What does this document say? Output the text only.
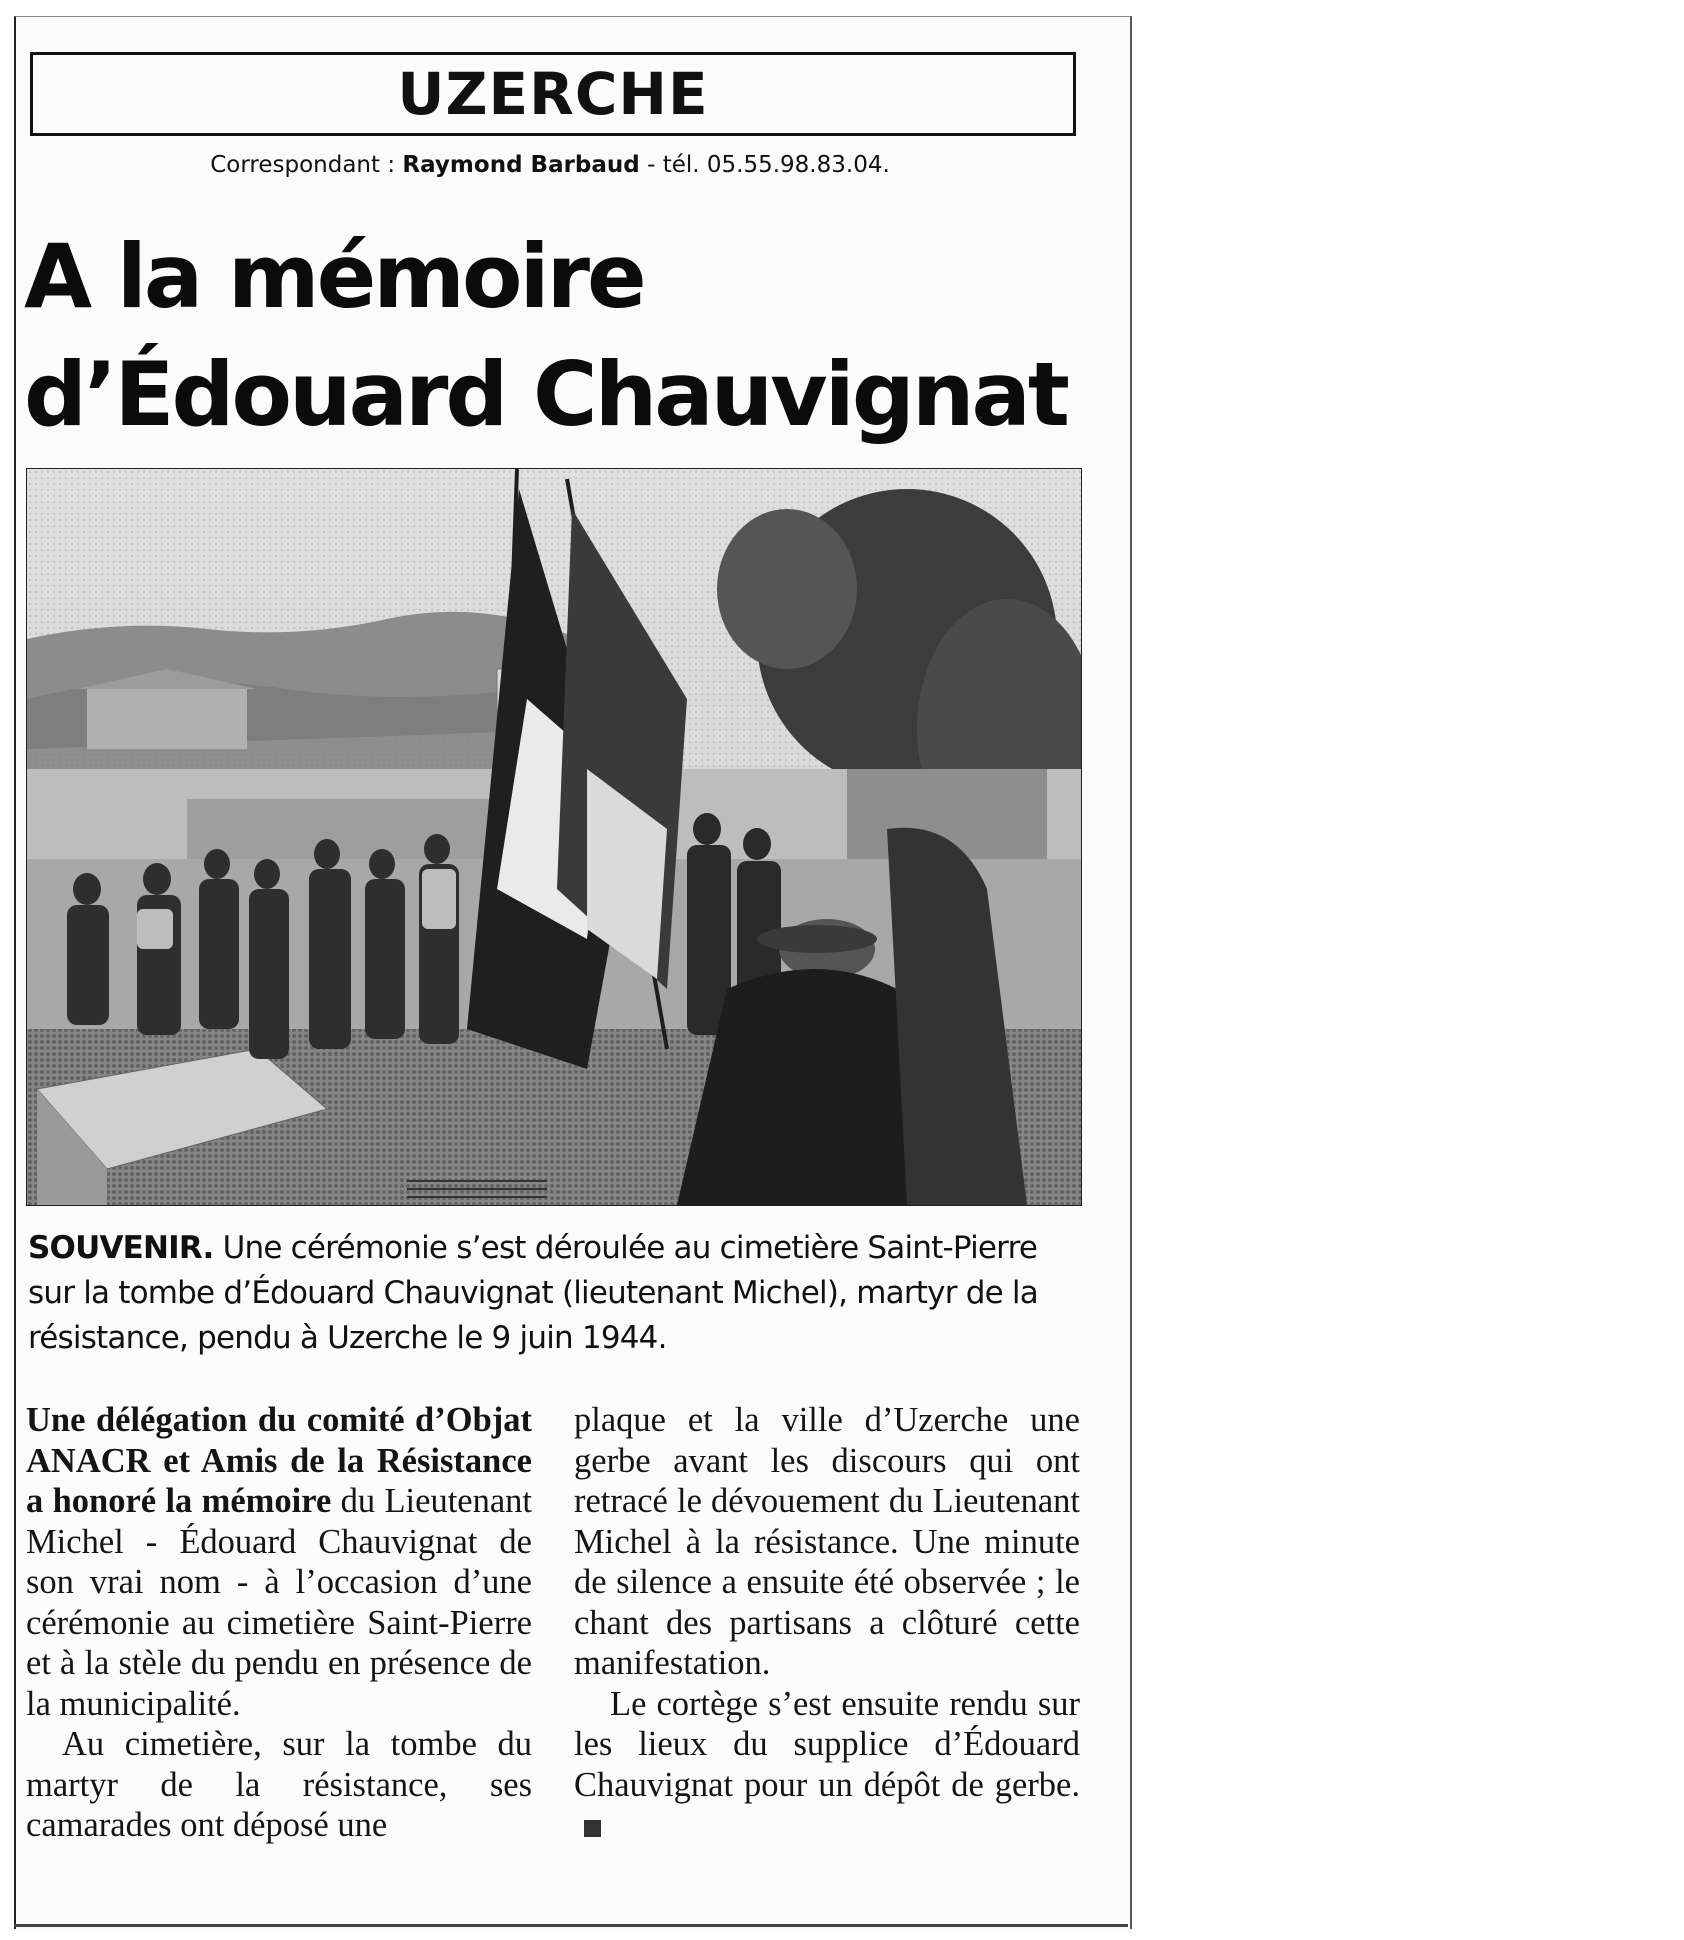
UZERCHE
Correspondant : Raymond Barbaud - tél. 05.55.98.83.04.
A la mémoire
d’Édouard Chauvignat
SOUVENIR. Une cérémonie s’est déroulée au cimetière Saint-Pierre sur la tombe d’Édouard Chauvignat (lieutenant Michel), martyr de la résistance, pendu à Uzerche le 9 juin 1944.

Une délégation du comité d’Objat ANACR et Amis de la Résistance a honoré la mémoire du Lieutenant Michel - Édouard Chauvignat de son vrai nom - à l’occasion d’une cérémonie au cimetière Saint-Pierre et à la stèle du pendu en présence de la municipalité.

Au cimetière, sur la tombe du martyr de la résistance, ses camarades ont déposé une

plaque et la ville d’Uzerche une gerbe avant les discours qui ont retracé le dévouement du Lieutenant Michel à la résistance. Une minute de silence a ensuite été observée ; le chant des partisans a clôturé cette manifestation.

Le cortège s’est ensuite rendu sur les lieux du supplice d’Édouard Chauvignat pour un dépôt de gerbe.
